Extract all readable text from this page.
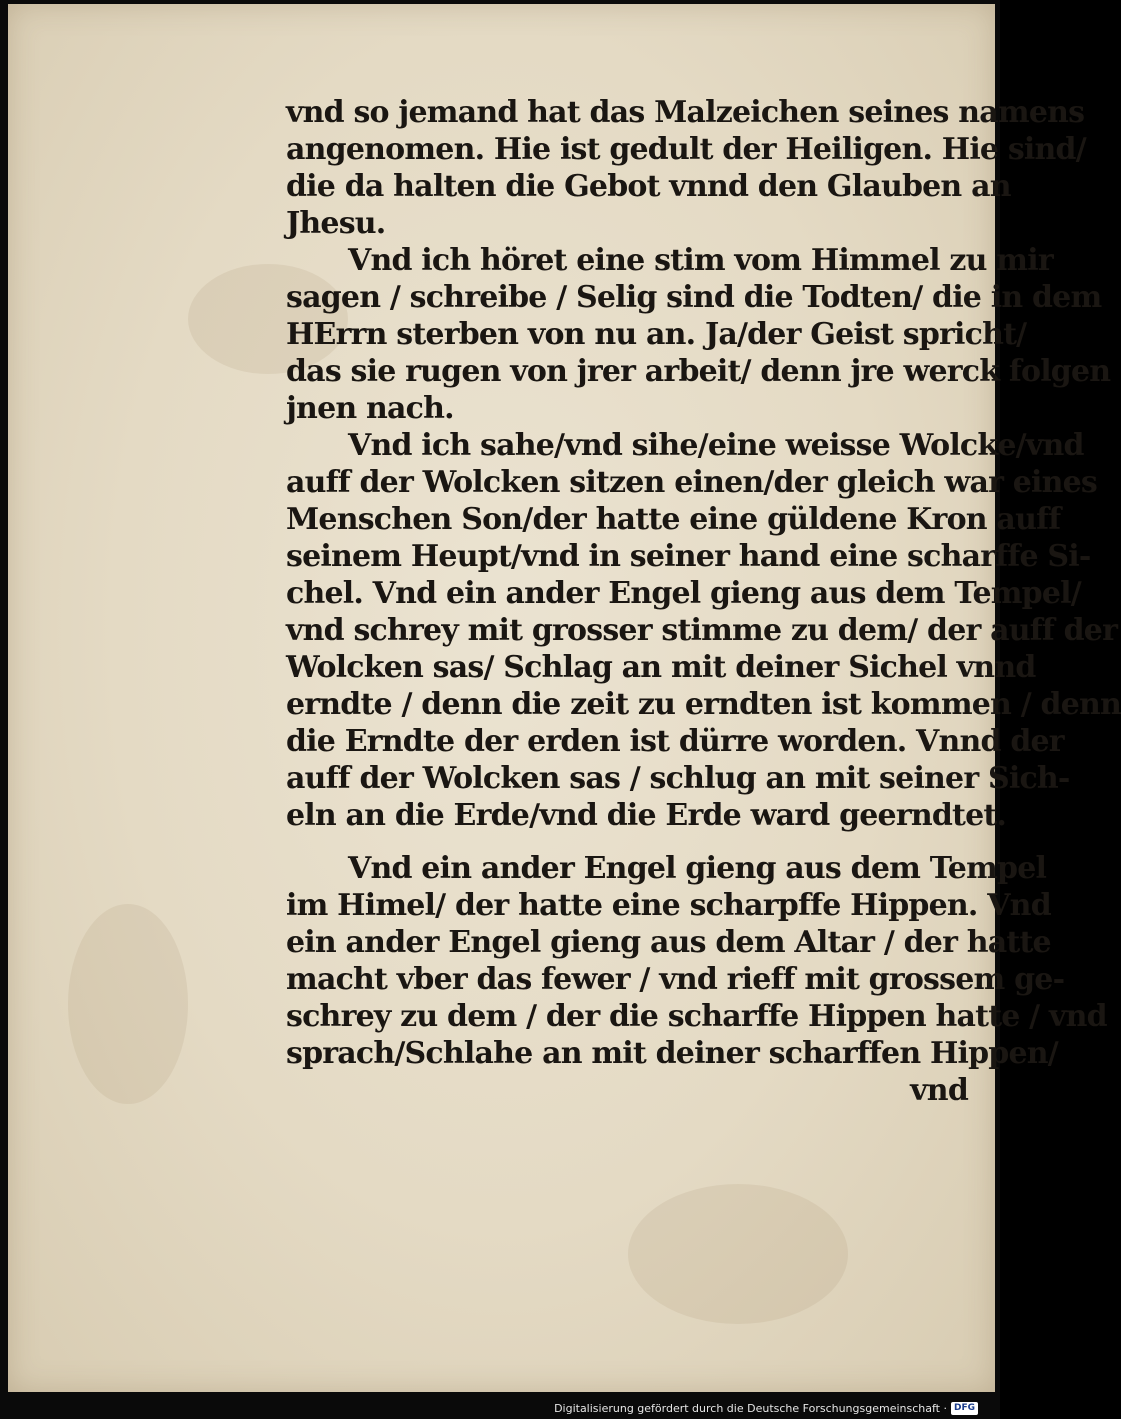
vnd so jemand hat das Malzeichen seines namens
angenomen. Hie ist gedult der Heiligen. Hie sind/
die da halten die Gebot vnnd den Glauben an
Jhesu.
Vnd ich höret eine stim vom Himmel zu mir
sagen / schreibe / Selig sind die Todten/ die in dem
HErrn sterben von nu an. Ja/der Geist spricht/
das sie rugen von jrer arbeit/ denn jre werck folgen
jnen nach.
Vnd ich sahe/vnd sihe/eine weisse Wolcke/vnd
auff der Wolcken sitzen einen/der gleich war eines
Menschen Son/der hatte eine güldene Kron auff
seinem Heupt/vnd in seiner hand eine scharffe Si-
chel. Vnd ein ander Engel gieng aus dem Tempel/
vnd schrey mit grosser stimme zu dem/ der auff der
Wolcken sas/ Schlag an mit deiner Sichel vnnd
erndte / denn die zeit zu erndten ist kommen / denn
die Erndte der erden ist dürre worden. Vnnd der
auff der Wolcken sas / schlug an mit seiner Sich-
eln an die Erde/vnd die Erde ward geerndtet.
Vnd ein ander Engel gieng aus dem Tempel
im Himel/ der hatte eine scharpffe Hippen. Vnd
ein ander Engel gieng aus dem Altar / der hatte
macht vber das fewer / vnd rieff mit grossem ge-
schrey zu dem / der die scharffe Hippen hatte / vnd
sprach/Schlahe an mit deiner scharffen Hippen/
vnd
Digitalisierung gefördert durch die Deutsche Forschungsgemeinschaft · DFG
